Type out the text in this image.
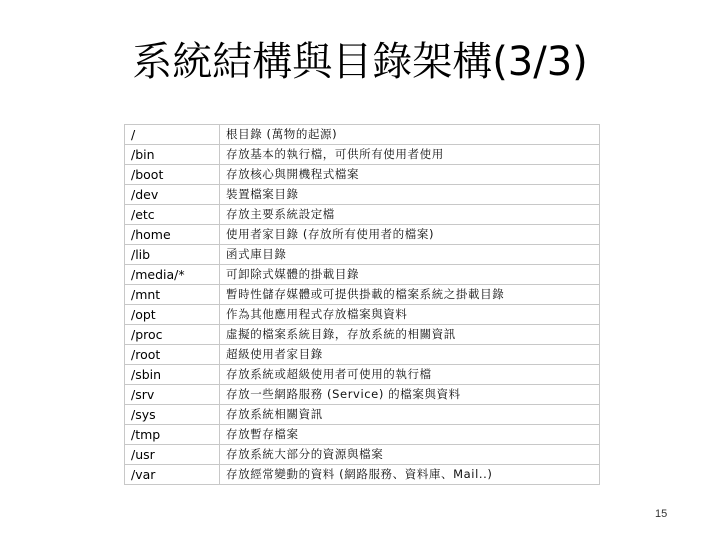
系統結構與目錄架構(3/3)
/	根目錄 (萬物的起源)
/bin	存放基本的執行檔，可供所有使用者使用
/boot	存放核心與開機程式檔案
/dev	裝置檔案目錄
/etc	存放主要系統設定檔
/home	使用者家目錄 (存放所有使用者的檔案)
/lib	函式庫目錄
/media/*	可卸除式媒體的掛載目錄
/mnt	暫時性儲存媒體或可提供掛載的檔案系統之掛載目錄
/opt	作為其他應用程式存放檔案與資料
/proc	虛擬的檔案系統目錄，存放系統的相關資訊
/root	超級使用者家目錄
/sbin	存放系統或超級使用者可使用的執行檔
/srv	存放一些網路服務 (Service) 的檔案與資料
/sys	存放系統相關資訊
/tmp	存放暫存檔案
/usr	存放系統大部分的資源與檔案
/var	存放經常變動的資料 (網路服務、資料庫、Mail..)
15
